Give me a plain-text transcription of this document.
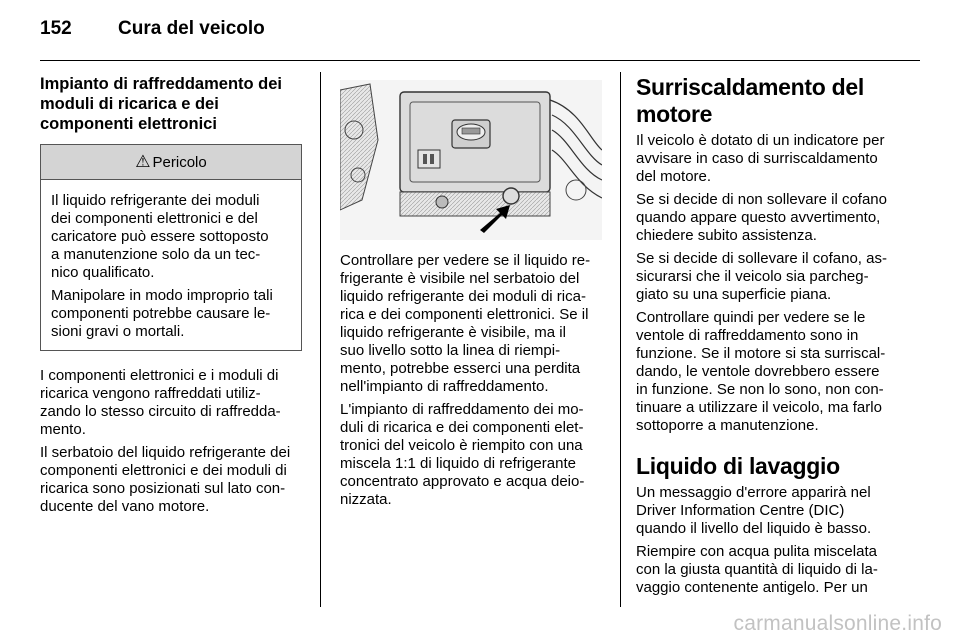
152 Cura del veicolo
Impianto di raffreddamento dei
moduli di ricarica e dei
componenti elettronici
⚠ Pericolo

Il liquido refrigerante dei moduli
dei componenti elettronici e del
caricatore può essere sottoposto
a manutenzione solo da un tec-
nico qualificato.

Manipolare in modo improprio tali
componenti potrebbe causare le-
sioni gravi o mortali.

I componenti elettronici e i moduli di
ricarica vengono raffreddati utiliz-
zando lo stesso circuito di raffredda-
mento.

Il serbatoio del liquido refrigerante dei
componenti elettronici e dei moduli di
ricarica sono posizionati sul lato con-
ducente del vano motore.

Controllare per vedere se il liquido re-
frigerante è visibile nel serbatoio del
liquido refrigerante dei moduli di rica-
rica e dei componenti elettronici. Se il
liquido refrigerante è visibile, ma il
suo livello sotto la linea di riempi-
mento, potrebbe esserci una perdita
nell'impianto di raffreddamento.

L'impianto di raffreddamento dei mo-
duli di ricarica e dei componenti elet-
tronici del veicolo è riempito con una
miscela 1:1 di liquido di refrigerante
concentrato approvato e acqua deio-
nizzata.

Surriscaldamento del
motore

Il veicolo è dotato di un indicatore per
avvisare in caso di surriscaldamento
del motore.

Se si decide di non sollevare il cofano
quando appare questo avvertimento,
chiedere subito assistenza.

Se si decide di sollevare il cofano, as-
sicurarsi che il veicolo sia parcheg-
giato su una superficie piana.

Controllare quindi per vedere se le
ventole di raffreddamento sono in
funzione. Se il motore si sta surriscal-
dando, le ventole dovrebbero essere
in funzione. Se non lo sono, non con-
tinuare a utilizzare il veicolo, ma farlo
sottoporre a manutenzione.

Liquido di lavaggio

Un messaggio d'errore apparirà nel
Driver Information Centre (DIC)
quando il livello del liquido è basso.

Riempire con acqua pulita miscelata
con la giusta quantità di liquido di la-
vaggio contenente antigelo. Per un

carmanualsonline.info
